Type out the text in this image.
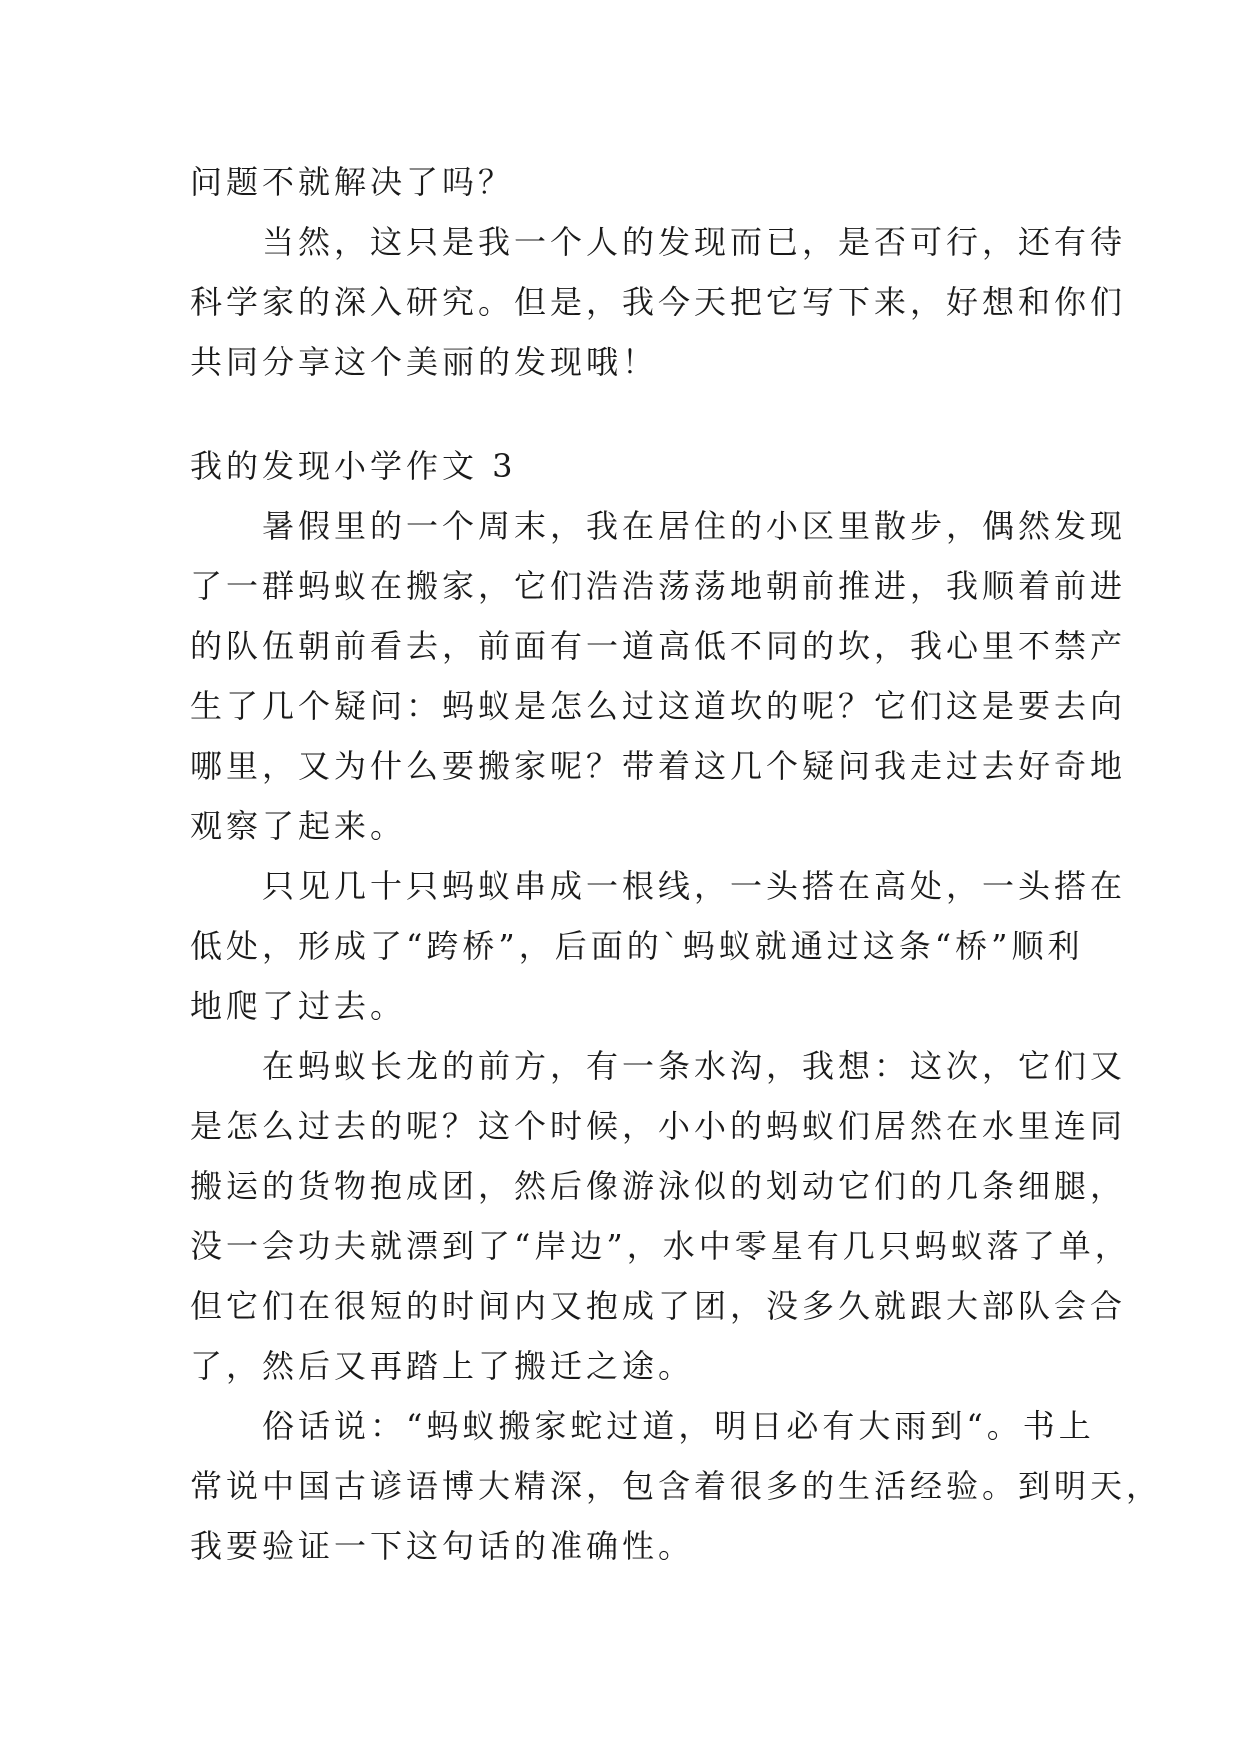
问题不就解决了吗？
当然，这只是我一个人的发现而已，是否可行，还有待
科学家的深入研究。但是，我今天把它写下来，好想和你们
共同分享这个美丽的发现哦！
我的发现小学作文 3
暑假里的一个周末，我在居住的小区里散步，偶然发现
了一群蚂蚁在搬家，它们浩浩荡荡地朝前推进，我顺着前进
的队伍朝前看去，前面有一道高低不同的坎，我心里不禁产
生了几个疑问：蚂蚁是怎么过这道坎的呢？它们这是要去向
哪里，又为什么要搬家呢？带着这几个疑问我走过去好奇地
观察了起来。
只见几十只蚂蚁串成一根线，一头搭在高处，一头搭在
低处，形成了“跨桥”，后面的`蚂蚁就通过这条“桥”顺利
地爬了过去。
在蚂蚁长龙的前方，有一条水沟，我想：这次，它们又
是怎么过去的呢？这个时候，小小的蚂蚁们居然在水里连同
搬运的货物抱成团，然后像游泳似的划动它们的几条细腿，
没一会功夫就漂到了“岸边”，水中零星有几只蚂蚁落了单，
但它们在很短的时间内又抱成了团，没多久就跟大部队会合
了，然后又再踏上了搬迁之途。
俗话说：“蚂蚁搬家蛇过道，明日必有大雨到“。书上
常说中国古谚语博大精深，包含着很多的生活经验。到明天，
我要验证一下这句话的准确性。
